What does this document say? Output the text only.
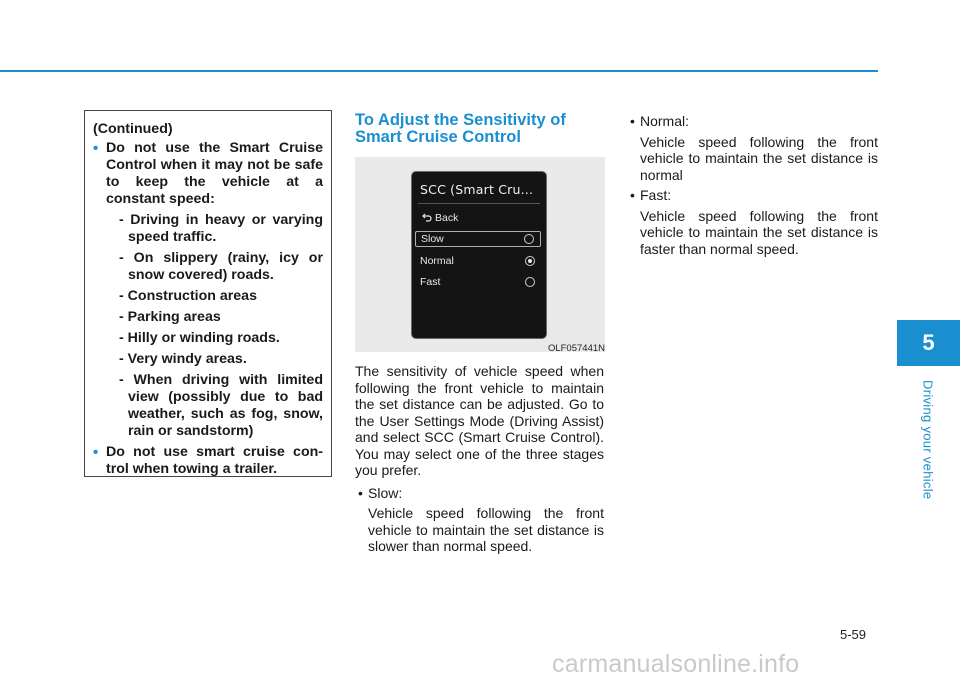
(Continued)
• Do not use the Smart Cruise Control when it may not be safe to keep the vehicle at a constant speed:
- Driving in heavy or varying speed traffic.
- On slippery (rainy, icy or snow covered) roads.
- Construction areas
- Parking areas
- Hilly or winding roads.
- Very windy areas.
- When driving with limited view (possibly due to bad weather, such as fog, snow, rain or sandstorm)
• Do not use smart cruise con-trol when towing a trailer.
To Adjust the Sensitivity of Smart Cruise Control
SCC (Smart Cru...
Back
Slow
Normal
Fast
OLF057441N

The sensitivity of vehicle speed when following the front vehicle to maintain the set distance can be adjusted. Go to the User Settings Mode (Driving Assist) and select SCC (Smart Cruise Control). You may select one of the three stages you prefer.

• Slow:
Vehicle speed following the front vehicle to maintain the set distance is slower than normal speed.
• Normal:
Vehicle speed following the front vehicle to maintain the set distance is normal
• Fast:
Vehicle speed following the front vehicle to maintain the set distance is faster than normal speed.
5
Driving your vehicle
5-59
carmanualsonline.info
